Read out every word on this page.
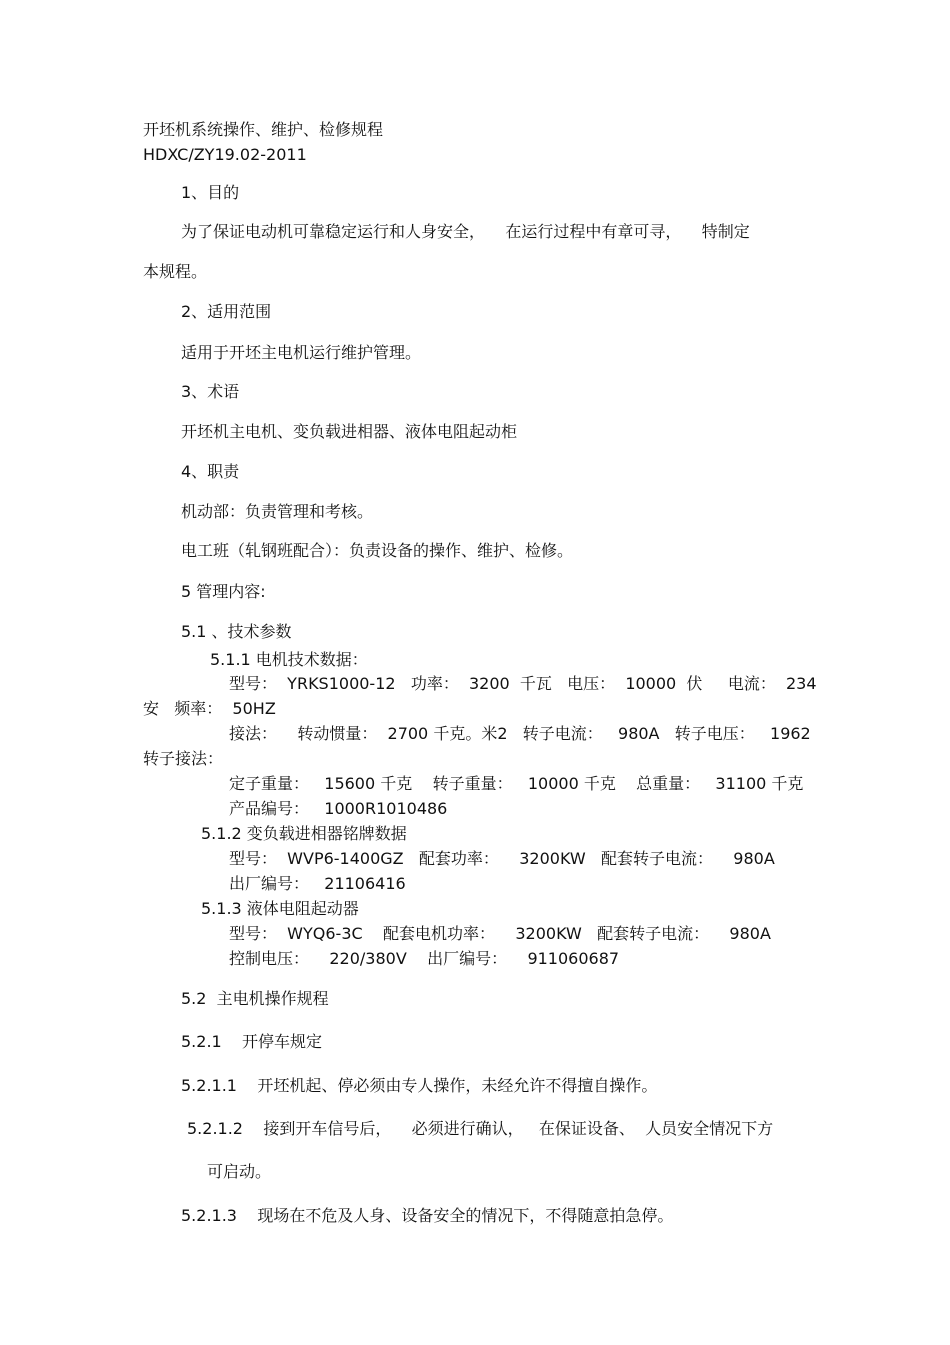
开坯机系统操作、维护、检修规程
HDXC/ZY19.02-2011
1、目的
为了保证电动机可靠稳定运行和人身安全，    在运行过程中有章可寻，    特制定
本规程。
2、适用范围
适用于开坯主电机运行维护管理。
3、术语
开坯机主电机、变负载进相器、液体电阻起动柜
4、职责
机动部：负责管理和考核。
电工班（轧钢班配合）：负责设备的操作、维护、检修。
5 管理内容:
5.1 、技术参数
5.1.1 电机技术数据：
型号：  YRKS1000-12   功率：  3200  千瓦   电压：  10000  伏     电流：  234
安   频率：  50HZ
接法：    转动惯量：  2700 千克。米2   转子电流：   980A   转子电压：   1962
转子接法：
定子重量：   15600 千克    转子重量：   10000 千克    总重量：   31100 千克
产品编号：   1000R1010486
5.1.2 变负载进相器铭牌数据
型号：  WVP6-1400GZ   配套功率：    3200KW   配套转子电流：    980A
出厂编号：   21106416
5.1.3 液体电阻起动器
型号：  WYQ6-3C    配套电机功率：    3200KW   配套转子电流：    980A
控制电压：    220/380V    出厂编号：    911060687
5.2  主电机操作规程
5.2.1    开停车规定
5.2.1.1    开坯机起、停必须由专人操作，未经允许不得擅自操作。
5.2.1.2    接到开车信号后，    必须进行确认，   在保证设备、  人员安全情况下方
可启动。
5.2.1.3    现场在不危及人身、设备安全的情况下，不得随意拍急停。
